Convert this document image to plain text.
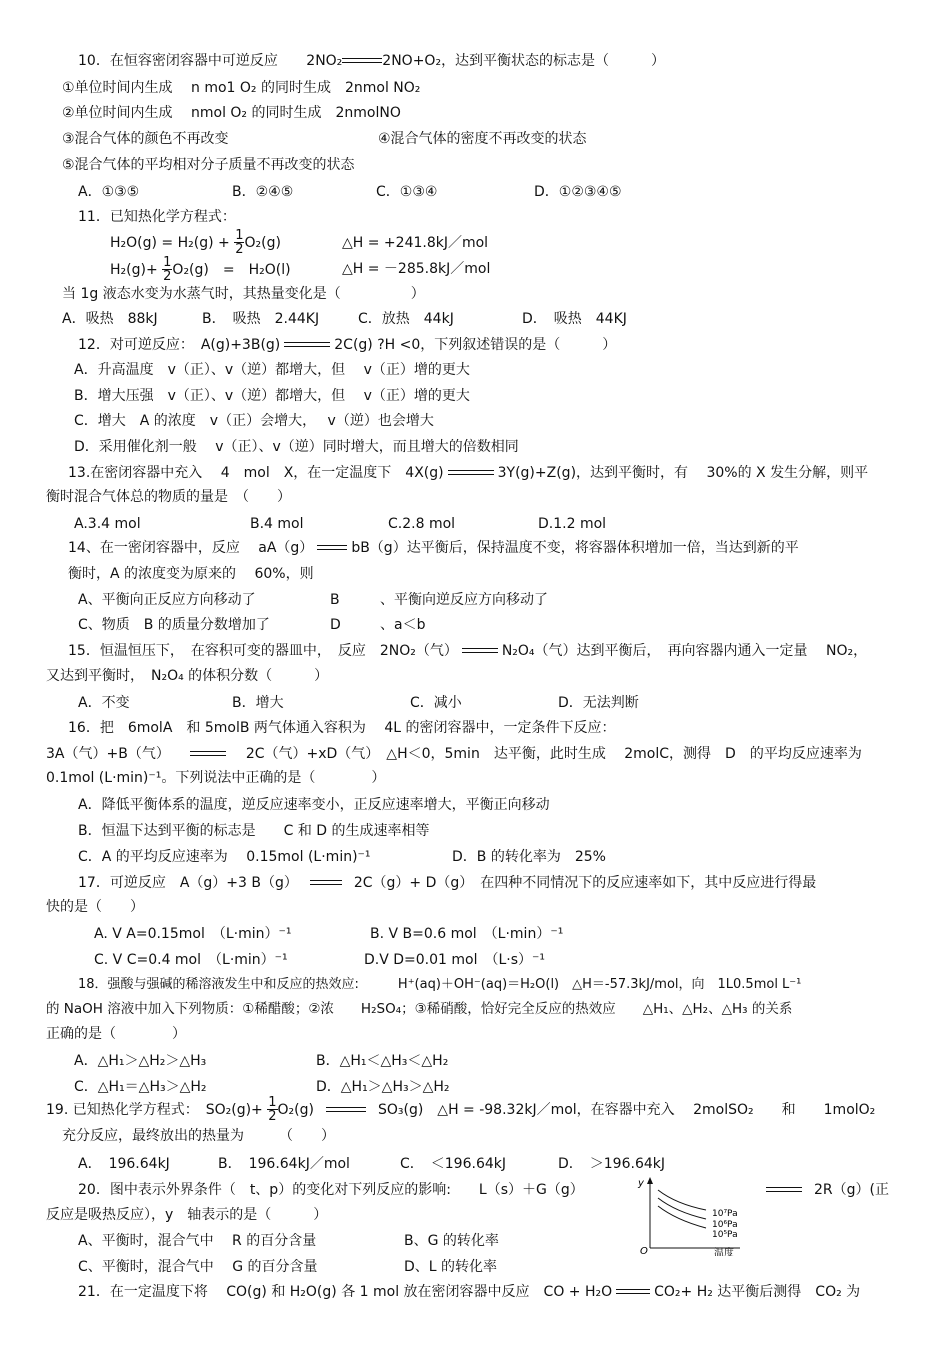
10．在恒容密闭容器中可逆反应 2NO₂	2NO+O₂，达到平衡状态的标志是（　　　）
①单位时间内生成　 n mo1 O₂ 的同时生成　2nmol NO₂
②单位时间内生成　 nmol O₂ 的同时生成　2nmolNO
③混合气体的颜色不再改变	④混合气体的密度不再改变的状态
⑤混合气体的平均相对分子质量不再改变的状态
A．①③⑤	B．②④⑤	C．①③④	D．①②③④⑤
11．已知热化学方程式：
$H_2O(g) = H_2(g) + \frac{1}{2} O_2(g)$	△H = +241.8kJ／mol
$H_2(g)+ \frac{1}{2} O_2(g)$　=　H₂O(l)	△H = －285.8kJ／mol
当 1g 液态水变为水蒸气时，其热量变化是（　　　　　）
A．吸热　88kJ	B．　吸热　2.44KJ	C．放热　44kJ	D．　吸热　44KJ
12．对可逆反应：　A(g)+3B(g)	2C(g) ?H <0，下列叙述错误的是（　　　）
A．升高温度　v（正）、v（逆）都增大，但　 v（正）增的更大
B．增大压强　v（正）、v（逆）都增大，但　 v（正）增的更大
C．增大　A 的浓度　v（正）会增大，　 v（逆）也会增大
D．采用催化剂一般　 v（正）、v（逆）同时增大，而且增大的倍数相同
13.在密闭容器中充入　 4　mol　X，在一定温度下　4X(g)	3Y(g)+Z(g)，达到平衡时，有　 30%的 X 发生分解，则平
衡时混合气体总的物质的量是　（　　）
A.3.4 mol	B.4 mol	C.2.8 mol	D.1.2 mol
14、在一密闭容器中，反应　 aA（g）	bB（g）达平衡后，保持温度不变，将容器体积增加一倍，当达到新的平
衡时，A 的浓度变为原来的　 60%，则
A、平衡向正反应方向移动了	B	、平衡向逆反应方向移动了
C、物质　B 的质量分数增加了	D	、a＜b
15．恒温恒压下，　在容积可变的器皿中，　反应　2NO₂（气）	N₂O₄（气）达到平衡后，　再向容器内通入一定量　 NO₂，
又达到平衡时，　N₂O₄ 的体积分数（　　　）
A．不变	B．增大	C．减小	D．无法判断
16．把　6molA　和 5molB 两气体通入容积为　 4L 的密闭容器中，一定条件下反应：
3A（气）+B（气）	2C（气）+xD（气）　△H＜0，5min　达平衡，此时生成　 2molC，测得　D　的平均反应速率为
0.1mol (L·min)⁻¹。下列说法中正确的是（　　　　）
A．降低平衡体系的温度，逆反应速率变小，正反应速率增大，平衡正向移动
B．恒温下达到平衡的标志是　　C 和 D 的生成速率相等
C．A 的平均反应速率为　 0.15mol (L·min)⁻¹	D．B 的转化率为　25%
17．可逆反应　A（g）+3 B（g）	2C（g）+ D（g）　在四种不同情况下的反应速率如下，其中反应进行得最
快的是（　　）
A. V A=0.15mol　（L·min）⁻¹	B. V B=0.6 mol　（L·min）⁻¹
C. V C=0.4 mol　（L·min）⁻¹	D.V D=0.01 mol　（L·s）⁻¹
18．强酸与强碱的稀溶液发生中和反应的热效应:　　　H⁺(aq)＋OH⁻(aq)＝H₂O(l)　△H＝-57.3kJ/mol，向　1L0.5mol L⁻¹
的 NaOH 溶液中加入下列物质：①稀醋酸；②浓　　H₂SO₄；③稀硝酸，恰好完全反应的热效应　　△H₁、△H₂、△H₃ 的关系
正确的是（　　　　）
A．△H₁＞△H₂＞△H₃	B．△H₁＜△H₃＜△H₂
C．△H₁＝△H₃＞△H₂	D．△H₁＞△H₃＞△H₂
19. 已知热化学方程式：　$SO_2(g)+ \frac{1}{2} O_2(g)$	SO₃(g)　△H = -98.32kJ／mol，在容器中充入　 2molSO₂　　和　　1molO₂
充分反应，最终放出的热量为　　　（　　）
A．　196.64kJ	B．　196.64kJ／mol	C．　＜196.64kJ	D．　＞196.64kJ
20．图中表示外界条件（　t、p）的变化对下列反应的影响:　　L（s）＋G（g）	2R（g）(正
反应是吸热反应），y　轴表示的是（　　　）
A、平衡时，混合气中　 R 的百分含量	B、G 的转化率
C、平衡时，混合气中　 G 的百分含量	D、L 的转化率
y
O
10⁷Pa
10⁶Pa
10⁵Pa
温度
21．在一定温度下将　 CO(g) 和 H₂O(g) 各 1 mol 放在密闭容器中反应　CO + H₂O	CO₂+ H₂ 达平衡后测得　CO₂ 为
